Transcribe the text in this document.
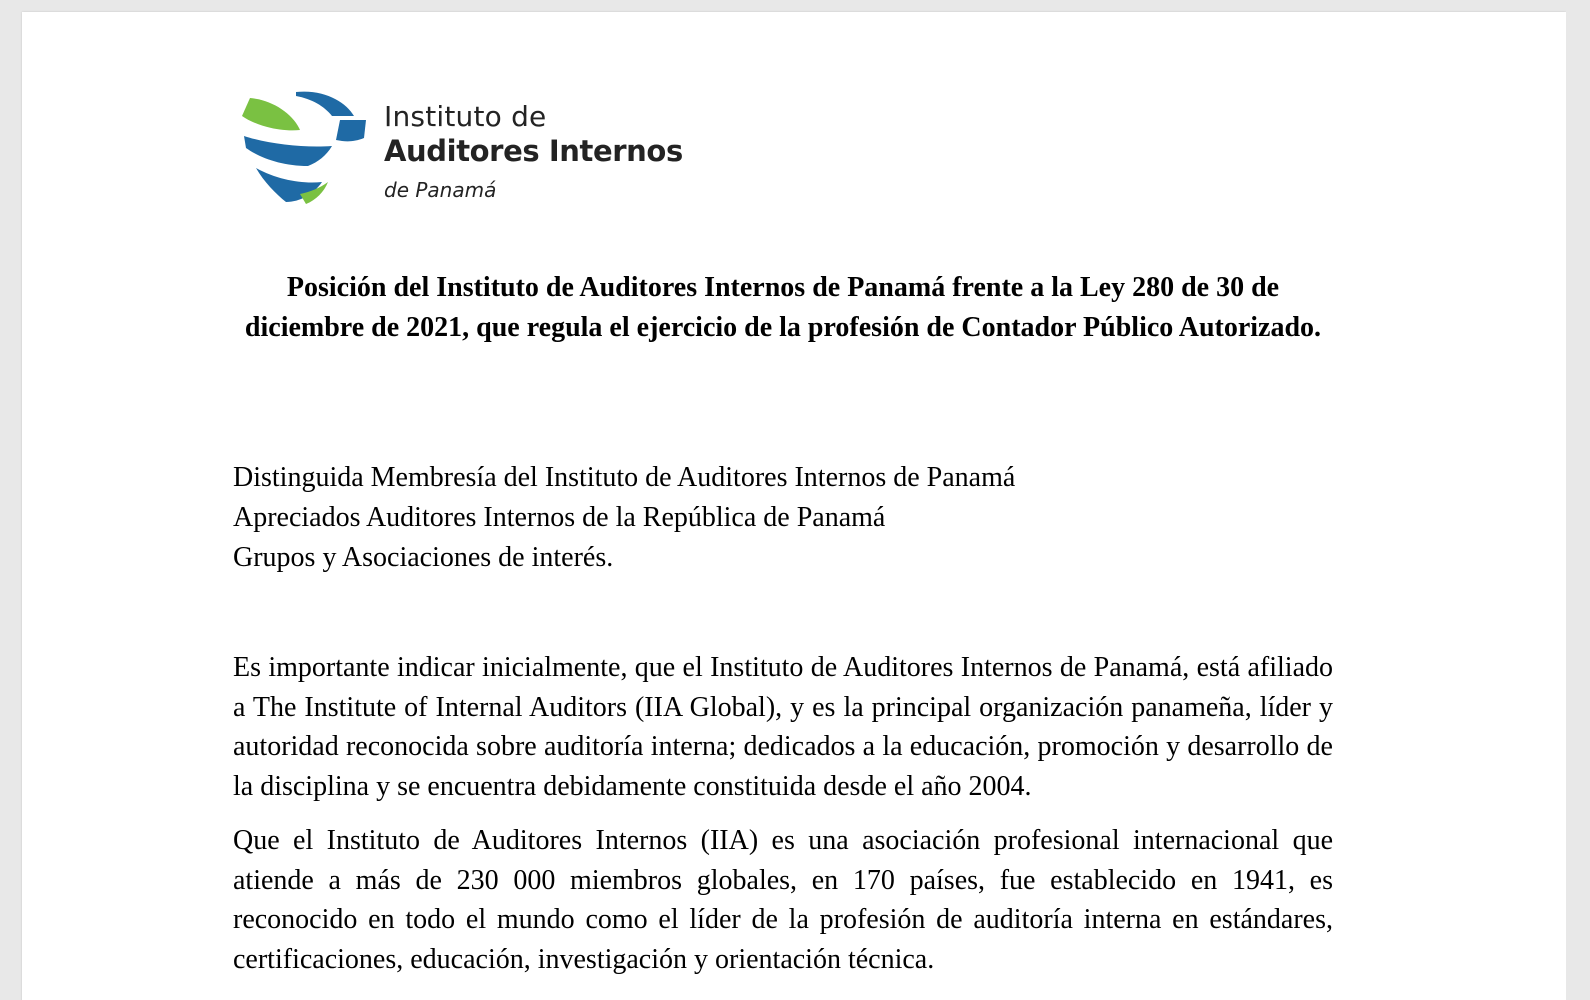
Instituto de
Auditores Internos
de Panamá
Posición del Instituto de Auditores Internos de Panamá frente a la Ley 280 de 30 de diciembre de 2021, que regula el ejercicio de la profesión de Contador Público Autorizado.

Distinguida Membresía del Instituto de Auditores Internos de Panamá

Apreciados Auditores Internos de la República de Panamá

Grupos y Asociaciones de interés.

Es importante indicar inicialmente, que el Instituto de Auditores Internos de Panamá, está afiliado a The Institute of Internal Auditors (IIA Global), y es la principal organización panameña, líder y autoridad reconocida sobre auditoría interna; dedicados a la educación, promoción y desarrollo de la disciplina y se encuentra debidamente constituida desde el año 2004.

Que el Instituto de Auditores Internos (IIA) es una asociación profesional internacional que atiende a más de 230 000 miembros globales, en 170 países, fue establecido en 1941, es reconocido en todo el mundo como el líder de la profesión de auditoría interna en estándares, certificaciones, educación, investigación y orientación técnica.
